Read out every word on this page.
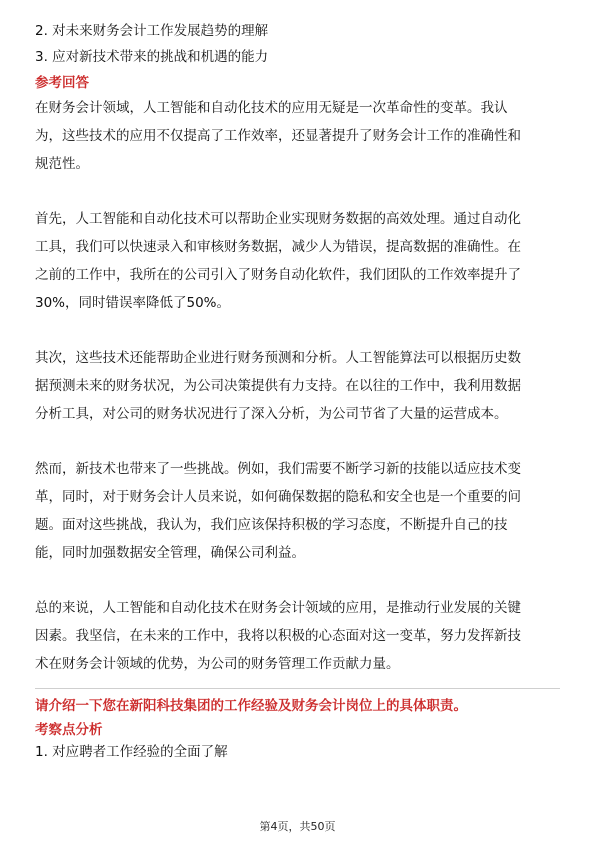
2. 对未来财务会计工作发展趋势的理解
3. 应对新技术带来的挑战和机遇的能力
参考回答
在财务会计领域，人工智能和自动化技术的应用无疑是一次革命性的变革。我认
为，这些技术的应用不仅提高了工作效率，还显著提升了财务会计工作的准确性和
规范性。
首先，人工智能和自动化技术可以帮助企业实现财务数据的高效处理。通过自动化
工具，我们可以快速录入和审核财务数据，减少人为错误，提高数据的准确性。在
之前的工作中，我所在的公司引入了财务自动化软件，我们团队的工作效率提升了
30%，同时错误率降低了50%。
其次，这些技术还能帮助企业进行财务预测和分析。人工智能算法可以根据历史数
据预测未来的财务状况，为公司决策提供有力支持。在以往的工作中，我利用数据
分析工具，对公司的财务状况进行了深入分析，为公司节省了大量的运营成本。
然而，新技术也带来了一些挑战。例如，我们需要不断学习新的技能以适应技术变
革，同时，对于财务会计人员来说，如何确保数据的隐私和安全也是一个重要的问
题。面对这些挑战，我认为，我们应该保持积极的学习态度，不断提升自己的技
能，同时加强数据安全管理，确保公司利益。
总的来说，人工智能和自动化技术在财务会计领域的应用，是推动行业发展的关键
因素。我坚信，在未来的工作中，我将以积极的心态面对这一变革，努力发挥新技
术在财务会计领域的优势，为公司的财务管理工作贡献力量。
请介绍一下您在新阳科技集团的工作经验及财务会计岗位上的具体职责。
考察点分析
1. 对应聘者工作经验的全面了解
第4页，共50页
